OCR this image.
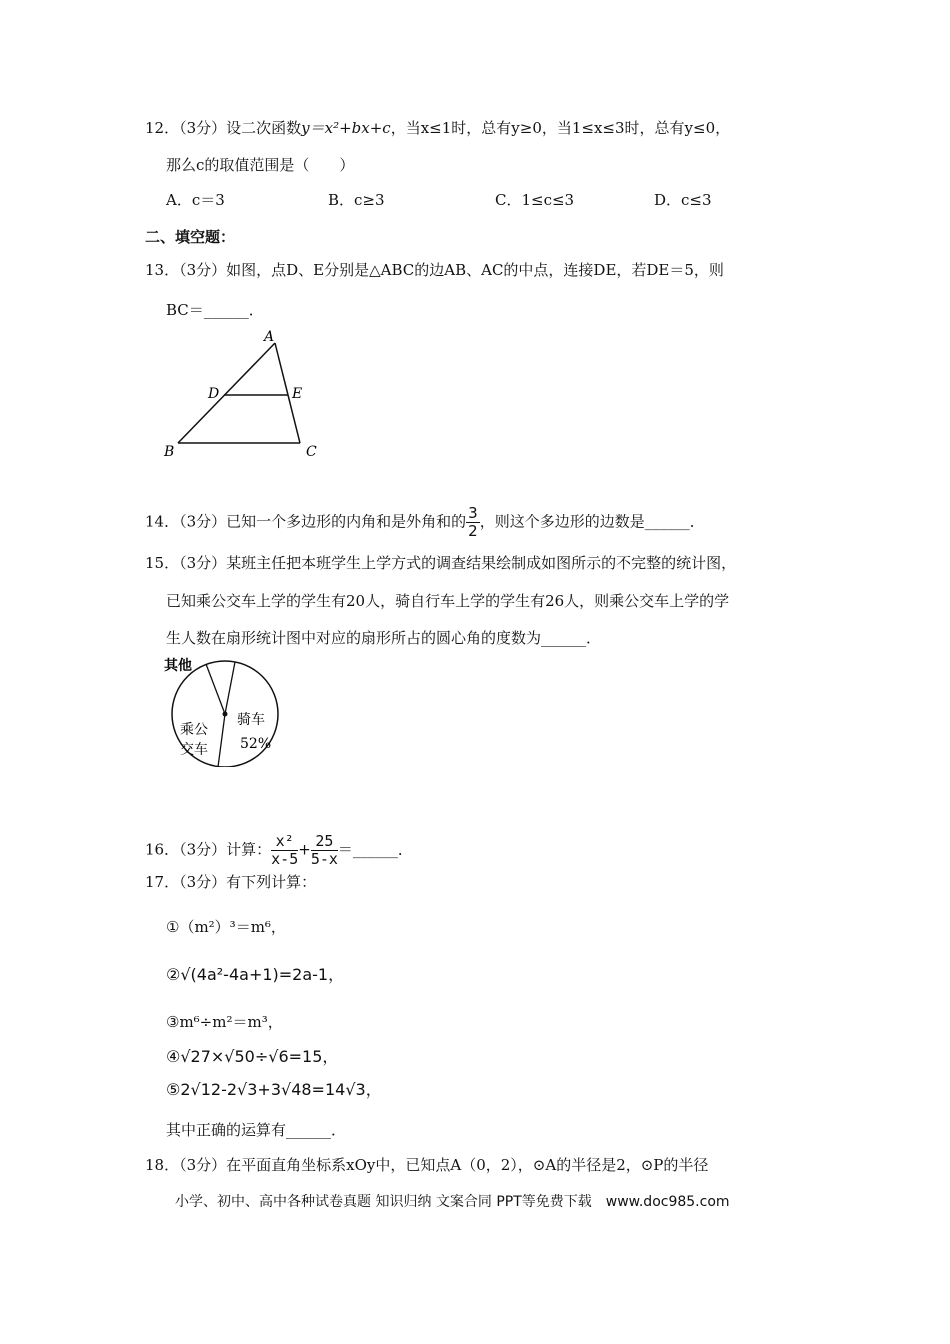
12．（3分）设二次函数y＝x²+bx+c，当x≤1时，总有y≥0，当1≤x≤3时，总有y≤0，
那么c的取值范围是（　　）
A．c＝3	B．c≥3	C．1≤c≤3	D．c≤3
二、填空题：
13．（3分）如图，点D、E分别是△ABC的边AB、AC的中点，连接DE，若DE＝5，则
BC＝______．
A
B	C
D	E
14．（3分）已知一个多边形的内角和是外角和的 $\frac{3}{2}$ ，则这个多边形的边数是______．
15．（3分）某班主任把本班学生上学方式的调查结果绘制成如图所示的不完整的统计图，
已知乘公交车上学的学生有20人，骑自行车上学的学生有26人，则乘公交车上学的学
生人数在扇形统计图中对应的扇形所占的圆心角的度数为______．
其他
乘公
交车
骑车
52%
16．（3分）计算： $\frac{\text{x²}}{x-5} + \frac{25}{5-x}$ ＝______．
17．（3分）有下列计算：
①（m²）³＝m⁶，
②√(4a²-4a+1)=2a-1，
③m⁶÷m²＝m³，
④√27×√50÷√6=15，
⑤2√12-2√3+3√48=14√3，
其中正确的运算有______．
18．（3分）在平面直角坐标系xOy中，已知点A（0，2），⊙A的半径是2，⊙P的半径
小学、初中、高中各种试卷真题 知识归纳 文案合同 PPT等免费下载　www.doc985.com
